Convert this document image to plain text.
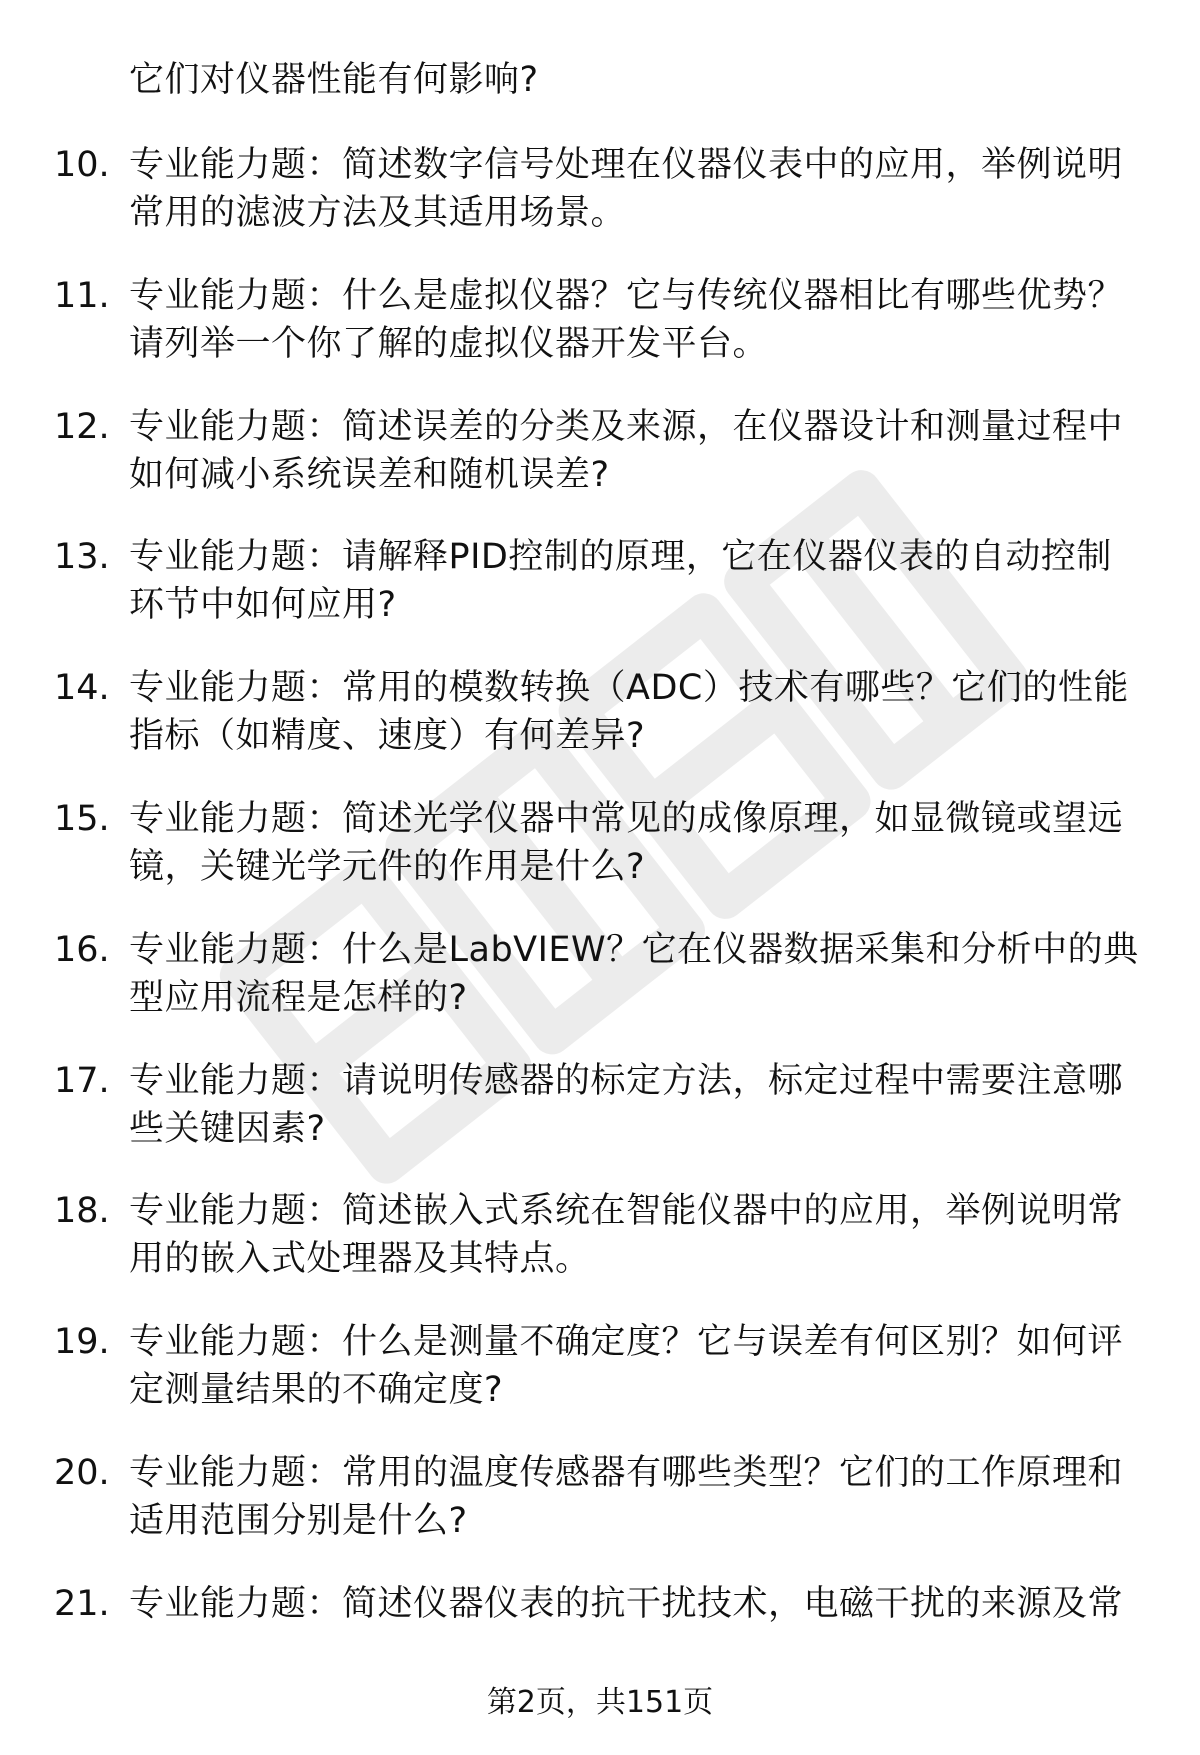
它们对仪器性能有何影响?
10. 专业能力题：简述数字信号处理在仪器仪表中的应用，举例说明常用的滤波方法及其适用场景。
11. 专业能力题：什么是虚拟仪器？它与传统仪器相比有哪些优势？请列举一个你了解的虚拟仪器开发平台。
12. 专业能力题：简述误差的分类及来源，在仪器设计和测量过程中如何减小系统误差和随机误差?
13. 专业能力题：请解释PID控制的原理，它在仪器仪表的自动控制环节中如何应用?
14. 专业能力题：常用的模数转换（ADC）技术有哪些？它们的性能指标（如精度、速度）有何差异?
15. 专业能力题：简述光学仪器中常见的成像原理，如显微镜或望远镜，关键光学元件的作用是什么?
16. 专业能力题：什么是LabVIEW？它在仪器数据采集和分析中的典型应用流程是怎样的?
17. 专业能力题：请说明传感器的标定方法，标定过程中需要注意哪些关键因素?
18. 专业能力题：简述嵌入式系统在智能仪器中的应用，举例说明常用的嵌入式处理器及其特点。
19. 专业能力题：什么是测量不确定度？它与误差有何区别？如何评定测量结果的不确定度?
20. 专业能力题：常用的温度传感器有哪些类型？它们的工作原理和适用范围分别是什么?
21. 专业能力题：简述仪器仪表的抗干扰技术，电磁干扰的来源及常
第2页，共151页
